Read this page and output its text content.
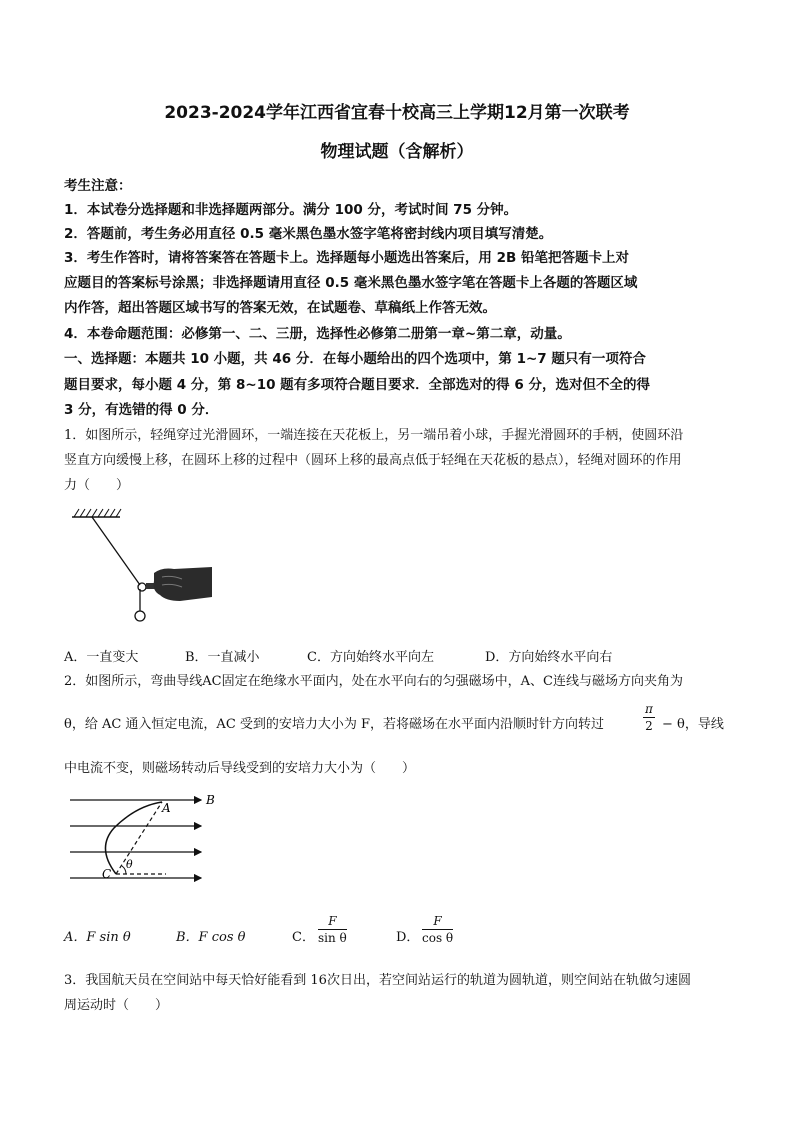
2023-2024学年江西省宜春十校高三上学期12月第一次联考
物理试题（含解析）
考生注意：
1．本试卷分选择题和非选择题两部分。满分 100 分，考试时间 75 分钟。
2．答题前，考生务必用直径 0.5 毫米黑色墨水签字笔将密封线内项目填写清楚。
3．考生作答时，请将答案答在答题卡上。选择题每小题选出答案后，用 2B 铅笔把答题卡上对
应题目的答案标号涂黑；非选择题请用直径 0.5 毫米黑色墨水签字笔在答题卡上各题的答题区域
内作答，超出答题区域书写的答案无效，在试题卷、草稿纸上作答无效。
4．本卷命题范围：必修第一、二、三册，选择性必修第二册第一章~第二章，动量。
一、选择题：本题共 10 小题，共 46 分．在每小题给出的四个选项中，第 1~7 题只有一项符合
题目要求，每小题 4 分，第 8~10 题有多项符合题目要求．全部选对的得 6 分，选对但不全的得
3 分，有选错的得 0 分．
1．如图所示，轻绳穿过光滑圆环，一端连接在天花板上，另一端吊着小球，手握光滑圆环的手柄，使圆环沿
竖直方向缓慢上移，在圆环上移的过程中（圆环上移的最高点低于轻绳在天花板的悬点），轻绳对圆环的作用
力（　　）
A．一直变大	B．一直减小	C．方向始终水平向左	D．方向始终水平向右
2．如图所示，弯曲导线AC固定在绝缘水平面内，处在水平向右的匀强磁场中，A、C连线与磁场方向夹角为
θ，给 AC 通入恒定电流，AC 受到的安培力大小为 F，若将磁场在水平面内沿顺时针方向转过	$\frac{\pi}{2} - \theta$，导线
中电流不变，则磁场转动后导线受到的安培力大小为（　　）
B
A
C
θ
A．F sin θ	B．F cos θ	C． $\frac{F}{\text{sin θ}}$	D． $\frac{F}{\text{cos θ}}$
3．我国航天员在空间站中每天恰好能看到 16次日出，若空间站运行的轨道为圆轨道，则空间站在轨做匀速圆
周运动时（　　）
